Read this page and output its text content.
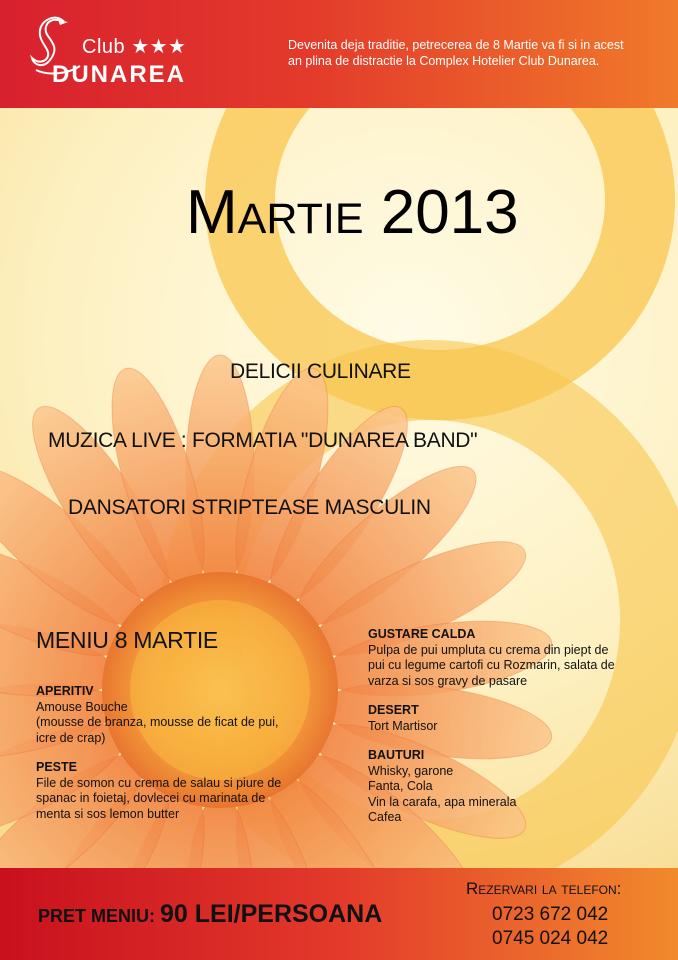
Club ★★★
DUNAREA
Devenita deja traditie, petrecerea de 8 Martie va fi si in acest
an plina de distractie la Complex Hotelier Club Dunarea.
Martie 2013
DELICII CULINARE
MUZICA LIVE : FORMATIA "DUNAREA BAND"
DANSATORI STRIPTEASE MASCULIN
MENIU 8 MARTIE
APERITIV

Amouse Bouche

(mousse de branza, mousse de ficat de pui,

icre de crap)

PESTE

File de somon cu crema de salau si piure de

spanac in foietaj, dovlecei cu marinata de

menta si sos lemon butter

GUSTARE CALDA

Pulpa de pui umpluta cu crema din piept de

pui cu legume cartofi cu Rozmarin, salata de

varza si sos gravy de pasare

DESERT

Tort Martisor

BAUTURI

Whisky, garone

Fanta, Cola

Vin la carafa, apa minerala

Cafea

PRET MENIU: 90 LEI/PERSOANA
Rezervari la telefon:
0723 672 042
0745 024 042
